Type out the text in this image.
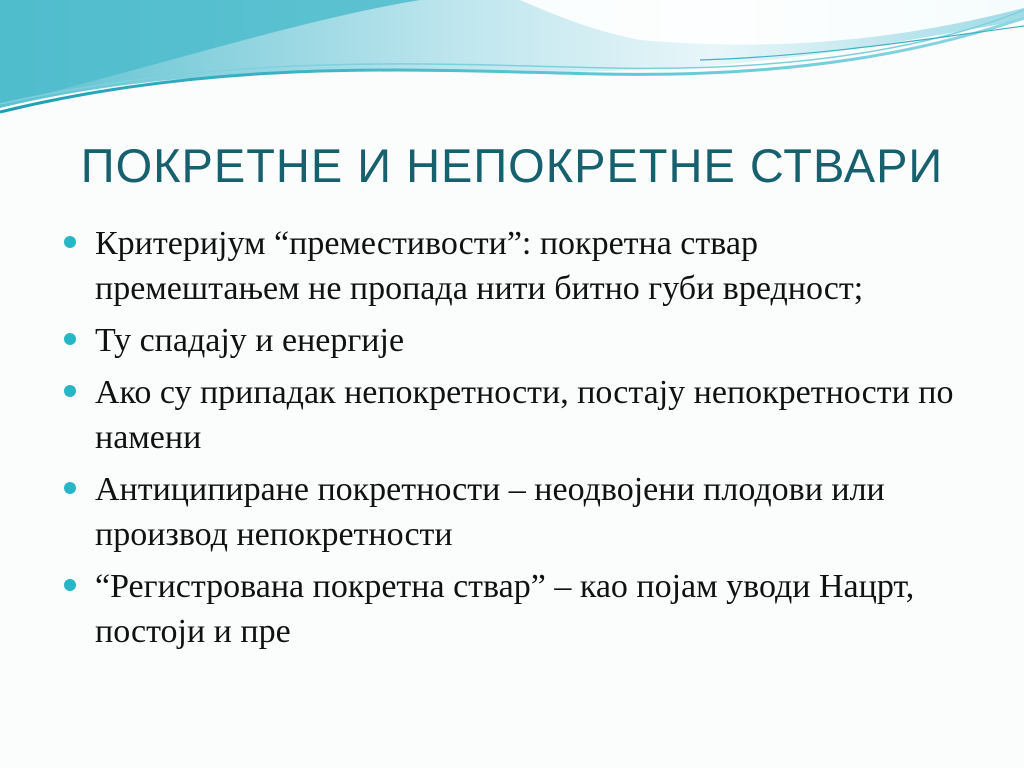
ПОКРЕТНЕ И НЕПОКРЕТНЕ СТВАРИ
Критеријум “преместивости”: покретна ствар премештањем не пропада нити битно губи вредност;
Ту спадају и енергије
Ако су припадак непокретности, постају непокретности по намени
Антиципиране покретности – неодвојени плодови или производ непокретности
“Регистрована покретна ствар” – као појам уводи Нацрт, постоји и пре
